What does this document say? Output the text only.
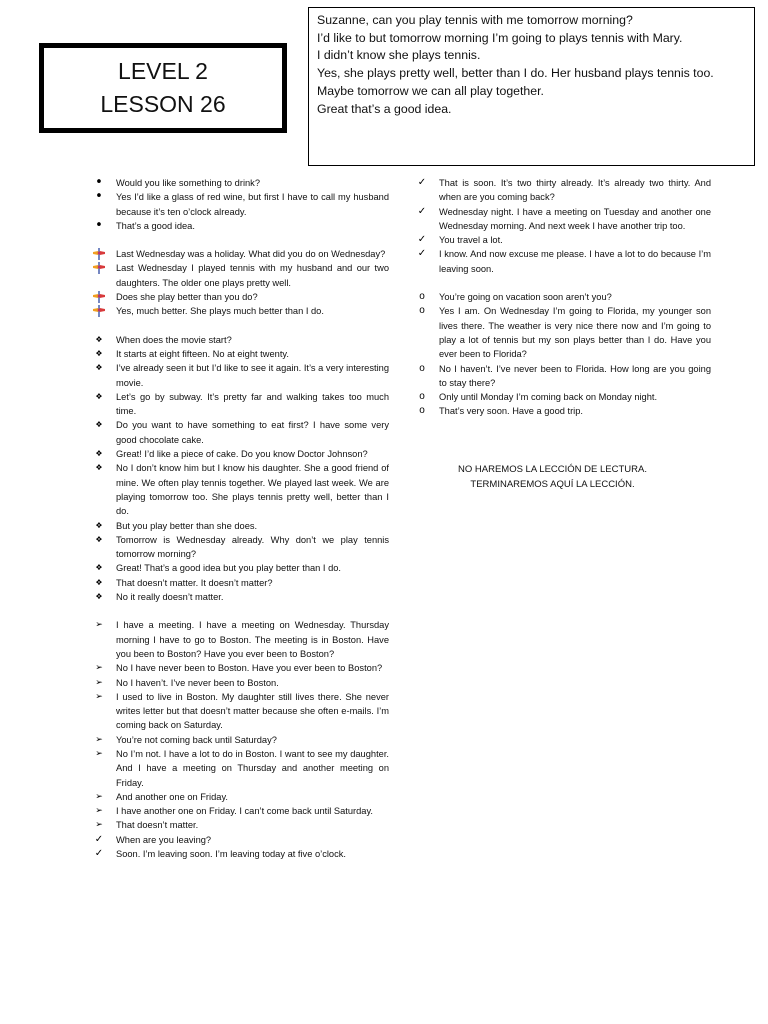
LEVEL 2
LESSON 26
Suzanne, can you play tennis with me tomorrow morning?
I’d like to but tomorrow morning I’m going to plays tennis with Mary.
I didn’t know she plays tennis.
Yes, she plays pretty well, better than I do. Her husband plays tennis too.
Maybe tomorrow we can all play together.
Great that’s a good idea.
•
Would you like something to drink?
•
Yes I’d like a glass of red wine, but first I have to call my husband because it’s ten o’clock already.
•
That’s a good idea.
Last Wednesday was a holiday. What did you do on Wednesday?
Last Wednesday I played tennis with my husband and our two daughters. The older one plays pretty well.
Does she play better than you do?
Yes, much better. She plays much better than I do.
❖
When does the movie start?
❖
It starts at eight fifteen. No at eight twenty.
❖
I’ve already seen it but I’d like to see it again. It’s a very interesting movie.
❖
Let’s go by subway. It’s pretty far and walking takes too much time.
❖
Do you want to have something to eat first? I have some very good chocolate cake.
❖
Great! I’d like a piece of cake. Do you know Doctor Johnson?
❖
No I don’t know him but I know his daughter. She a good friend of mine. We often play tennis together. We played last week. We are playing tomorrow too. She plays tennis pretty well, better than I do.
❖
But you play better than she does.
❖
Tomorrow is Wednesday already. Why don’t we play tennis tomorrow morning?
❖
Great! That’s a good idea but you play better than I do.
❖
That doesn’t matter. It doesn’t matter?
❖
No it really doesn’t matter.
➢
I have a meeting. I have a meeting on Wednesday. Thursday morning I have to go to Boston. The meeting is in Boston. Have you been to Boston? Have you ever been to Boston?
➢
No I have never been to Boston. Have you ever been to Boston?
➢
No I haven’t. I’ve never been to Boston.
➢
I used to live in Boston. My daughter still lives there. She never writes letter but that doesn’t matter because she often e-mails. I’m coming back on Saturday.
➢
You’re not coming back until Saturday?
➢
No I’m not. I have a lot to do in Boston. I want to see my daughter. And I have a meeting on Thursday and another meeting on Friday.
➢
And another one on Friday.
➢
I have another one on Friday. I can’t come back until Saturday.
➢
That doesn’t matter.
✓
When are you leaving?
✓
Soon. I’m leaving soon. I’m leaving today at five o’clock.
✓
That is soon. It’s two thirty already. It’s already two thirty. And when are you coming back?
✓
Wednesday night. I have a meeting on Tuesday and another one Wednesday morning. And next week I have another trip too.
✓
You travel a lot.
✓
I know. And now excuse me please. I have a lot to do because I’m leaving soon.
o
You’re going on vacation soon aren’t you?
o
Yes I am. On Wednesday I’m going to Florida, my younger son lives there. The weather is very nice there now and I’m going to play a lot of tennis but my son plays better than I do. Have you ever been to Florida?
o
No I haven’t. I’ve never been to Florida. How long are you going to stay there?
o
Only until Monday I’m coming back on Monday night.
o
That’s very soon. Have a good trip.
NO HAREMOS LA LECCIÓN DE LECTURA.
TERMINAREMOS AQUÍ LA LECCIÓN.
